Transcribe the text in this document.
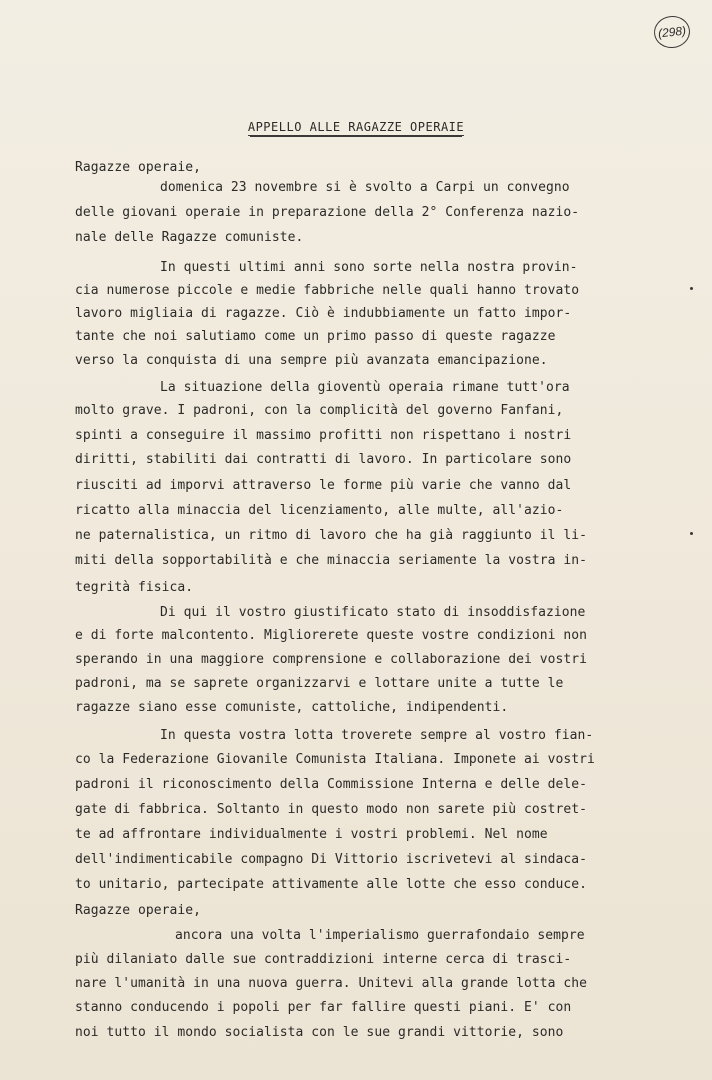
(298)
APPELLO ALLE RAGAZZE OPERAIE
Ragazze operaie,
domenica 23 novembre si è svolto a Carpi un convegno
delle giovani operaie in preparazione della 2° Conferenza nazio-
nale delle Ragazze comuniste.
In questi ultimi anni sono sorte nella nostra provin-
cia numerose piccole e medie fabbriche nelle quali hanno trovato
lavoro migliaia di ragazze. Ciò è indubbiamente un fatto impor-
tante che noi salutiamo come un primo passo di queste ragazze
verso la conquista di una sempre più avanzata emancipazione.
La situazione della gioventù operaia rimane tutt'ora
molto grave. I padroni, con la complicità del governo Fanfani,
spinti a conseguire il massimo profitti non rispettano i nostri
diritti, stabiliti dai contratti di lavoro. In particolare sono
riusciti ad imporvi attraverso le forme più varie che vanno dal
ricatto alla minaccia del licenziamento, alle multe, all'azio-
ne paternalistica, un ritmo di lavoro che ha già raggiunto il li-
miti della sopportabilità e che minaccia seriamente la vostra in-
tegrità fisica.
Di qui il vostro giustificato stato di insoddisfazione
e di forte malcontento. Migliorerete queste vostre condizioni non
sperando in una maggiore comprensione e collaborazione dei vostri
padroni, ma se saprete organizzarvi e lottare unite a tutte le
ragazze siano esse comuniste, cattoliche, indipendenti.
In questa vostra lotta troverete sempre al vostro fian-
co la Federazione Giovanile Comunista Italiana. Imponete ai vostri
padroni il riconoscimento della Commissione Interna e delle dele-
gate di fabbrica. Soltanto in questo modo non sarete più costret-
te ad affrontare individualmente i vostri problemi. Nel nome
dell'indimenticabile compagno Di Vittorio iscrivetevi al sindaca-
to unitario, partecipate attivamente alle lotte che esso conduce.
Ragazze operaie,
ancora una volta l'imperialismo guerrafondaio sempre
più dilaniato dalle sue contraddizioni interne cerca di trasci-
nare l'umanità in una nuova guerra. Unitevi alla grande lotta che
stanno conducendo i popoli per far fallire questi piani. E' con
noi tutto il mondo socialista con le sue grandi vittorie, sono
